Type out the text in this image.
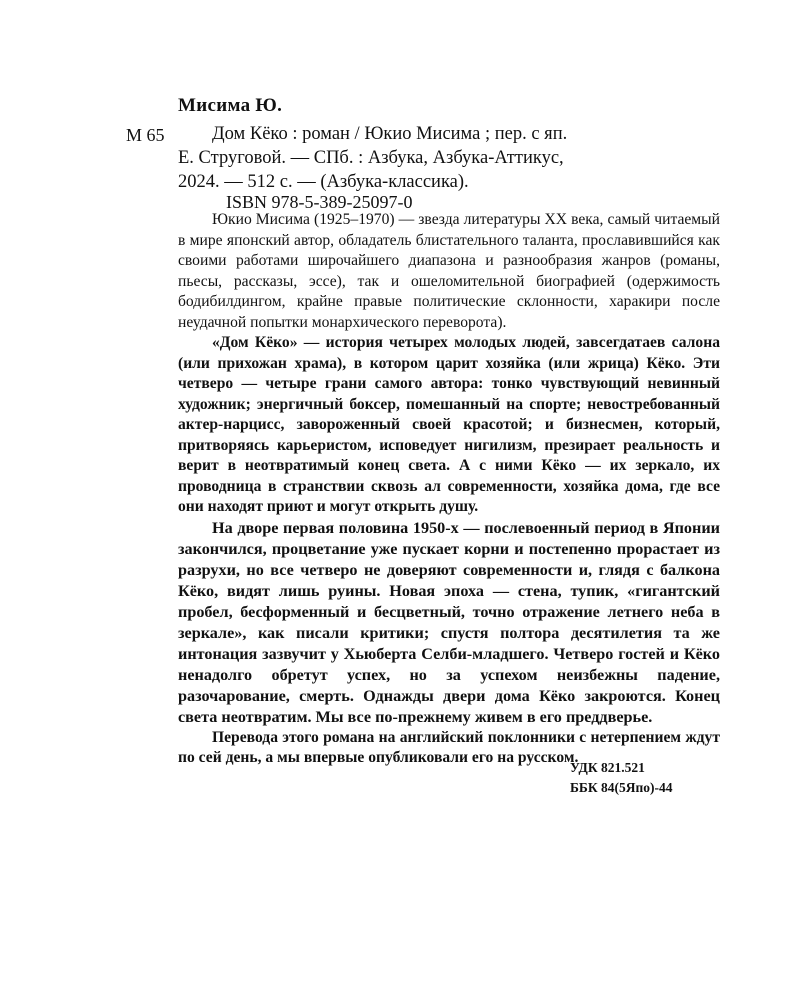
Мисима Ю.
М 65	Дом Кёко : роман / Юкио Мисима ; пер. с яп.
Е. Струговой. — СПб. : Азбука, Азбука-Аттикус,
2024. — 512 с. — (Азбука-классика).
ISBN 978-5-389-25097-0

Юкио Мисима (1925–1970) — звезда литературы XX века, самый читаемый в мире японский автор, обладатель блистательного таланта, прославившийся как своими работами широчайшего диапазона и разнообразия жанров (романы, пьесы, рассказы, эссе), так и ошеломительной биографией (одержимость бодибилдингом, крайне правые политические склонности, харакири после неудачной попытки монархического переворота).

«Дом Кёко» — история четырех молодых людей, завсегдатаев салона (или прихожан храма), в котором царит хозяйка (или жрица) Кёко. Эти четверо — четыре грани самого автора: тонко чувствующий невинный художник; энергичный боксер, помешанный на спорте; невостребованный актер-нарцисс, завороженный своей красотой; и бизнесмен, который, притворяясь карьеристом, исповедует нигилизм, презирает реальность и верит в неотвратимый конец света. А с ними Кёко — их зеркало, их проводница в странствии сквозь ал современности, хозяйка дома, где все они находят приют и могут открыть душу.

На дворе первая половина 1950-х — послевоенный период в Японии закончился, процветание уже пускает корни и постепенно прорастает из разрухи, но все четверо не доверяют современности и, глядя с балкона Кёко, видят лишь руины. Новая эпоха — стена, тупик, «гигантский пробел, бесформенный и бесцветный, точно отражение летнего неба в зеркале», как писали критики; спустя полтора десятилетия та же интонация зазвучит у Хьюберта Селби-младшего. Четверо гостей и Кёко ненадолго обретут успех, но за успехом неизбежны падение, разочарование, смерть. Однажды двери дома Кёко закроются. Конец света неотвратим. Мы все по-прежнему живем в его преддверье.

Перевода этого романа на английский поклонники с нетерпением ждут по сей день, а мы впервые опубликовали его на русском.

УДК 821.521
ББК 84(5Япо)-44
